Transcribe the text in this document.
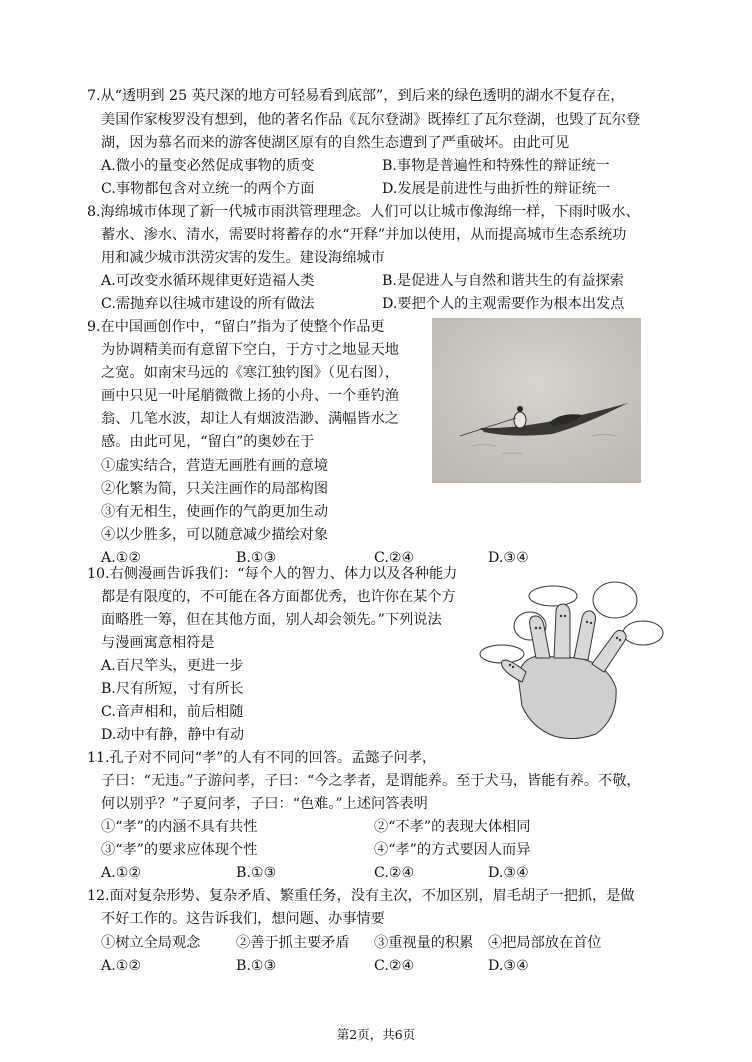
7.从“透明到 25 英尺深的地方可轻易看到底部”，到后来的绿色透明的湖水不复存在，
美国作家梭罗没有想到，他的著名作品《瓦尔登湖》既捧红了瓦尔登湖，也毁了瓦尔登
湖，因为慕名而来的游客使湖区原有的自然生态遭到了严重破坏。由此可见
A.微小的量变必然促成事物的质变	B.事物是普遍性和特殊性的辩证统一
C.事物都包含对立统一的两个方面	D.发展是前进性与曲折性的辩证统一
8.海绵城市体现了新一代城市雨洪管理理念。人们可以让城市像海绵一样，下雨时吸水、
蓄水、渗水、清水，需要时将蓄存的水“开释”并加以使用，从而提高城市生态系统功
用和减少城市洪涝灾害的发生。建设海绵城市
A.可改变水循环规律更好造福人类	B.是促进人与自然和谐共生的有益探索
C.需抛弃以往城市建设的所有做法	D.要把个人的主观需要作为根本出发点
9.在中国画创作中，“留白”指为了使整个作品更
为协调精美而有意留下空白，于方寸之地显天地
之宽。如南宋马远的《寒江独钓图》（见右图），
画中只见一叶尾艄微微上扬的小舟、一个垂钓渔
翁、几笔水波，却让人有烟波浩渺、满幅皆水之
感。由此可见，“留白”的奥妙在于
①虚实结合，营造无画胜有画的意境
②化繁为简，只关注画作的局部构图
③有无相生，使画作的气韵更加生动
④以少胜多，可以随意减少描绘对象
A.①②	B.①③	C.②④	D.③④
10.右侧漫画告诉我们：“每个人的智力、体力以及各种能力
都是有限度的，不可能在各方面都优秀，也许你在某个方
面略胜一筹，但在其他方面，别人却会领先。”下列说法
与漫画寓意相符是
A.百尺竿头，更进一步
B.尺有所短，寸有所长
C.音声相和，前后相随
D.动中有静，静中有动
11.孔子对不同问“孝”的人有不同的回答。孟懿子问孝，
子曰：“无违。”子游问孝，子曰：“今之孝者，是谓能养。至于犬马，皆能有养。不敬，
何以别乎？”子夏问孝，子曰：“色难。”上述问答表明
①“孝”的内涵不具有共性	②“不孝”的表现大体相同
③“孝”的要求应体现个性	④“孝”的方式要因人而异
A.①②	B.①③	C.②④	D.③④
12.面对复杂形势、复杂矛盾、繁重任务，没有主次，不加区别，眉毛胡子一把抓，是做
不好工作的。这告诉我们，想问题、办事情要
①树立全局观念	②善于抓主要矛盾 ③重视量的积累 ④把局部放在首位
A.①②	B.①③	C.②④	D.③④
第2页，共6页
